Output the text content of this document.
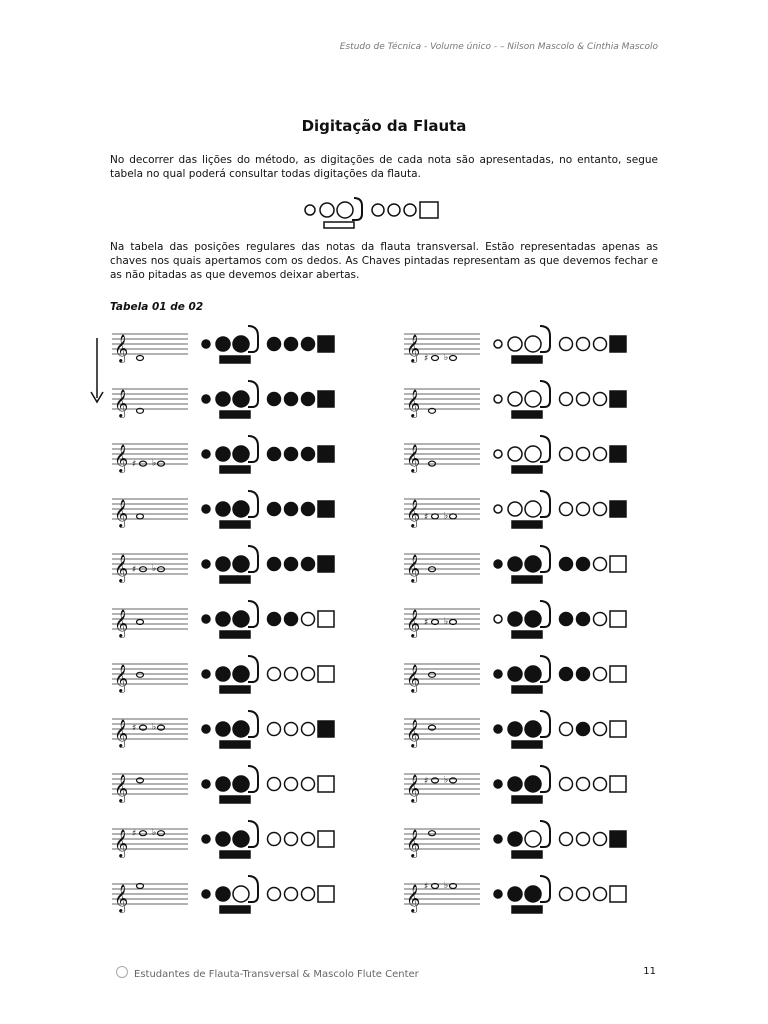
Estudo de Técnica - Volume único - – Nilson Mascolo & Cinthia Mascolo
Digitação da Flauta
No decorrer das lições do método, as digitações de cada nota são apresentadas, no entanto, segue tabela no qual poderá consultar todas digitações da flauta.
Na tabela das posições regulares das notas da flauta transversal. Estão representadas apenas as chaves nos quais apertamos com os dedos. As Chaves pintadas representam as que devemos fechar e as não pitadas as que devemos deixar abertas.
Tabela 01 de 02
𝄞
𝄞
𝄞 ♯ ♭
𝄞
𝄞 ♯ ♭
𝄞
𝄞
𝄞 ♯ ♭
𝄞
𝄞 ♯ ♭
𝄞
𝄞 ♯ ♭
𝄞
𝄞
𝄞 ♯ ♭
𝄞
𝄞 ♯ ♭
𝄞
𝄞
𝄞 ♯ ♭
𝄞
𝄞 ♯ ♭
Estudantes de Flauta-Transversal & Mascolo Flute Center	11
